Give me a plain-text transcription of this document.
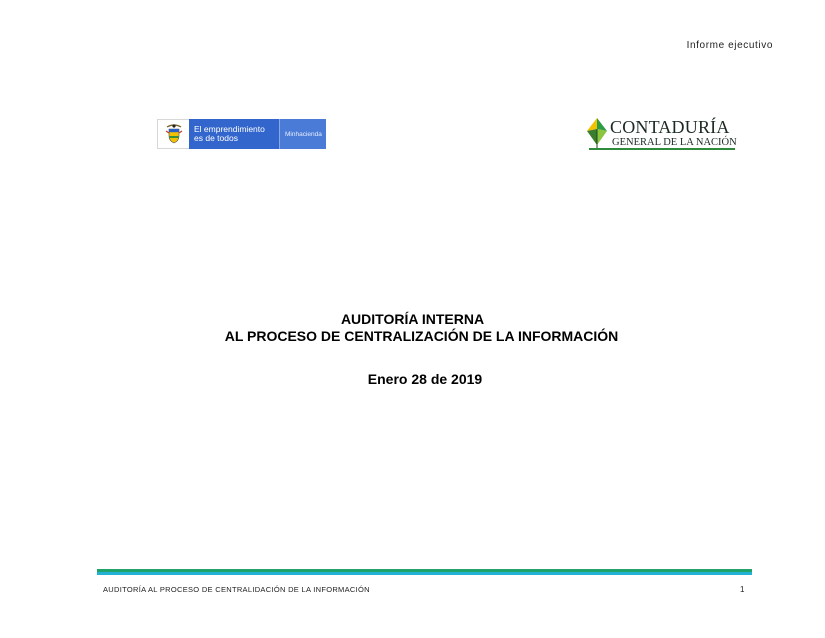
Informe ejecutivo
El emprendimiento
es de todos	Minhacienda	CONTADURÍA
GENERAL DE LA NACIÓN
AUDITORÍA INTERNA
AL PROCESO DE CENTRALIZACIÓN DE LA INFORMACIÓN
Enero 28 de 2019
AUDITORÍA AL PROCESO DE CENTRALIDACIÓN DE LA INFORMACIÓN	1
